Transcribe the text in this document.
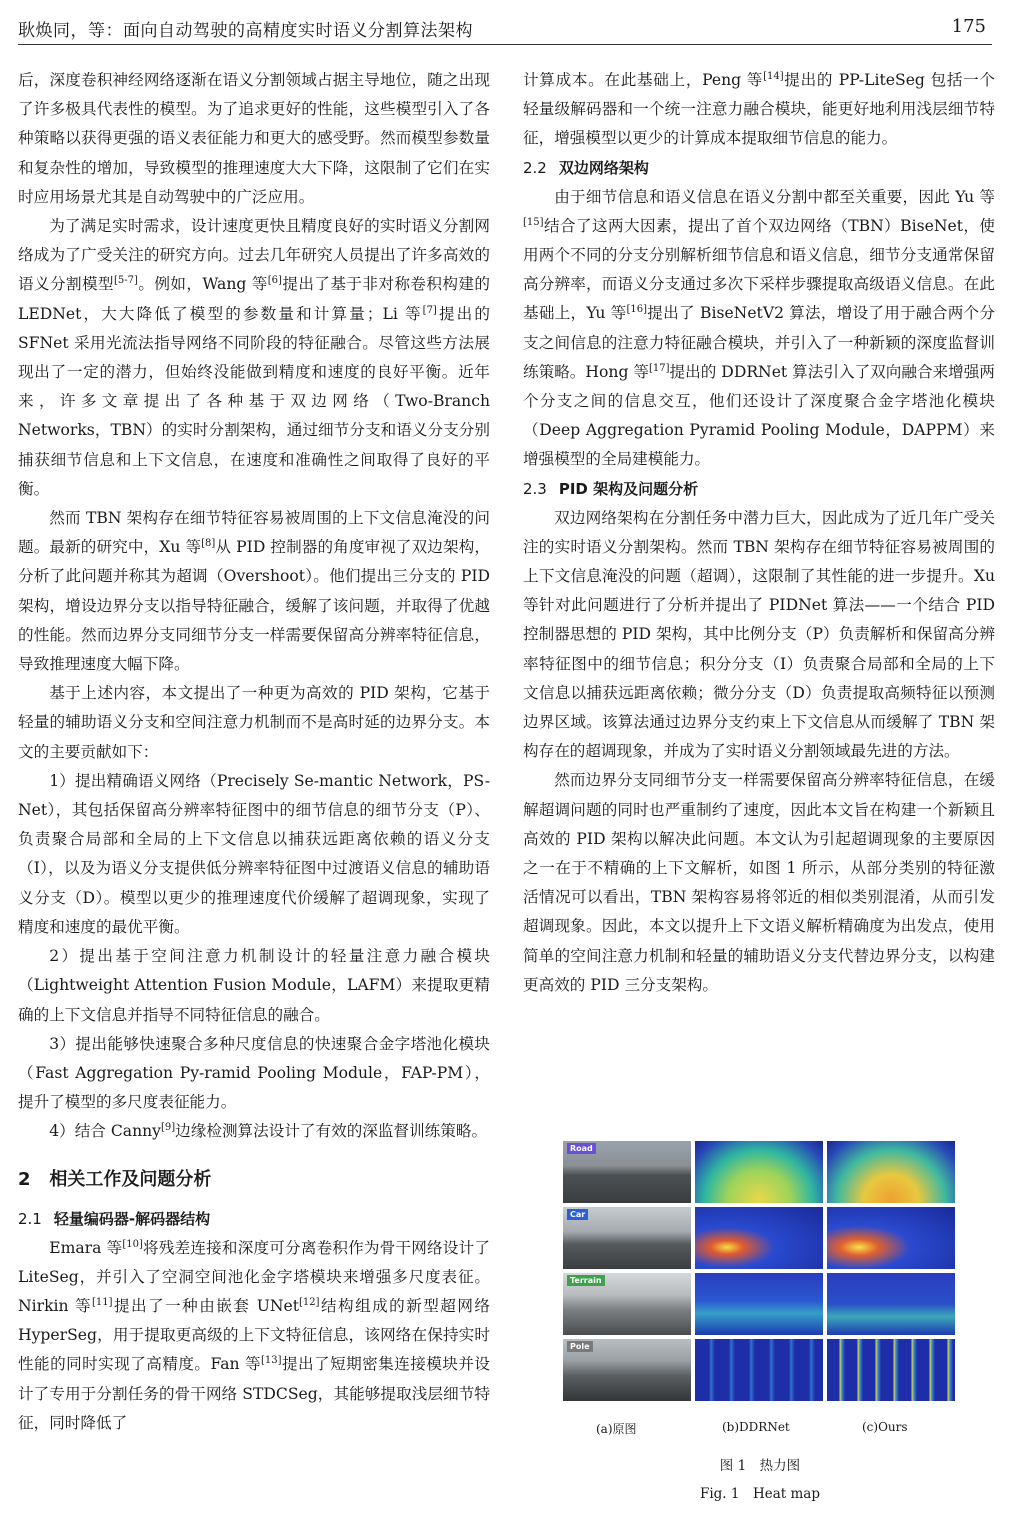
耿焕同，等：面向自动驾驶的高精度实时语义分割算法架构	175

后，深度卷积神经网络逐渐在语义分割领域占据主导地位，随之出现了许多极具代表性的模型。为了追求更好的性能，这些模型引入了各种策略以获得更强的语义表征能力和更大的感受野。然而模型参数量和复杂性的增加，导致模型的推理速度大大下降，这限制了它们在实时应用场景尤其是自动驾驶中的广泛应用。

为了满足实时需求，设计速度更快且精度良好的实时语义分割网络成为了广受关注的研究方向。过去几年研究人员提出了许多高效的语义分割模型[5-7]。例如，Wang 等[6]提出了基于非对称卷积构建的 LEDNet，大大降低了模型的参数量和计算量；Li 等[7]提出的 SFNet 采用光流法指导网络不同阶段的特征融合。尽管这些方法展现出了一定的潜力，但始终没能做到精度和速度的良好平衡。近年来，许多文章提出了各种基于双边网络（Two-Branch Networks，TBN）的实时分割架构，通过细节分支和语义分支分别捕获细节信息和上下文信息，在速度和准确性之间取得了良好的平衡。

然而 TBN 架构存在细节特征容易被周围的上下文信息淹没的问题。最新的研究中，Xu 等[8]从 PID 控制器的角度审视了双边架构，分析了此问题并称其为超调（Overshoot）。他们提出三分支的 PID 架构，增设边界分支以指导特征融合，缓解了该问题，并取得了优越的性能。然而边界分支同细节分支一样需要保留高分辨率特征信息，导致推理速度大幅下降。

基于上述内容，本文提出了一种更为高效的 PID 架构，它基于轻量的辅助语义分支和空间注意力机制而不是高时延的边界分支。本文的主要贡献如下：

1）提出精确语义网络（Precisely Se-mantic Network，PS-Net），其包括保留高分辨率特征图中的细节信息的细节分支（P）、负责聚合局部和全局的上下文信息以捕获远距离依赖的语义分支（I），以及为语义分支提供低分辨率特征图中过渡语义信息的辅助语义分支（D）。模型以更少的推理速度代价缓解了超调现象，实现了精度和速度的最优平衡。

2）提出基于空间注意力机制设计的轻量注意力融合模块（Lightweight Attention Fusion Module，LAFM）来提取更精确的上下文信息并指导不同特征信息的融合。

3）提出能够快速聚合多种尺度信息的快速聚合金字塔池化模块（Fast Aggregation Py-ramid Pooling Module，FAP-PM），提升了模型的多尺度表征能力。

4）结合 Canny[9]边缘检测算法设计了有效的深监督训练策略。

2 相关工作及问题分析
2.1 轻量编码器-解码器结构

Emara 等[10]将残差连接和深度可分离卷积作为骨干网络设计了 LiteSeg，并引入了空洞空间池化金字塔模块来增强多尺度表征。Nirkin 等[11]提出了一种由嵌套 UNet[12]结构组成的新型超网络 HyperSeg，用于提取更高级的上下文特征信息，该网络在保持实时性能的同时实现了高精度。Fan 等[13]提出了短期密集连接模块并设计了专用于分割任务的骨干网络 STDCSeg，其能够提取浅层细节特征，同时降低了

计算成本。在此基础上，Peng 等[14]提出的 PP-LiteSeg 包括一个轻量级解码器和一个统一注意力融合模块，能更好地利用浅层细节特征，增强模型以更少的计算成本提取细节信息的能力。

2.2 双边网络架构

由于细节信息和语义信息在语义分割中都至关重要，因此 Yu 等[15]结合了这两大因素，提出了首个双边网络（TBN）BiseNet，使用两个不同的分支分别解析细节信息和语义信息，细节分支通常保留高分辨率，而语义分支通过多次下采样步骤提取高级语义信息。在此基础上，Yu 等[16]提出了 BiseNetV2 算法，增设了用于融合两个分支之间信息的注意力特征融合模块，并引入了一种新颖的深度监督训练策略。Hong 等[17]提出的 DDRNet 算法引入了双向融合来增强两个分支之间的信息交互，他们还设计了深度聚合金字塔池化模块（Deep Aggregation Pyramid Pooling Module，DAPPM）来增强模型的全局建模能力。

2.3 PID 架构及问题分析

双边网络架构在分割任务中潜力巨大，因此成为了近几年广受关注的实时语义分割架构。然而 TBN 架构存在细节特征容易被周围的上下文信息淹没的问题（超调），这限制了其性能的进一步提升。Xu 等针对此问题进行了分析并提出了 PIDNet 算法——一个结合 PID 控制器思想的 PID 架构，其中比例分支（P）负责解析和保留高分辨率特征图中的细节信息；积分分支（I）负责聚合局部和全局的上下文信息以捕获远距离依赖；微分分支（D）负责提取高频特征以预测边界区域。该算法通过边界分支约束上下文信息从而缓解了 TBN 架构存在的超调现象，并成为了实时语义分割领域最先进的方法。

然而边界分支同细节分支一样需要保留高分辨率特征信息，在缓解超调问题的同时也严重制约了速度，因此本文旨在构建一个新颖且高效的 PID 架构以解决此问题。本文认为引起超调现象的主要原因之一在于不精确的上下文解析，如图 1 所示，从部分类别的特征激活情况可以看出，TBN 架构容易将邻近的相似类别混淆，从而引发超调现象。因此，本文以提升上下文语义解析精确度为出发点，使用简单的空间注意力机制和轻量的辅助语义分支代替边界分支，以构建更高效的 PID 三分支架构。

Road
Car
Terrain
Pole
(a)原图	(b)DDRNet	(c)Ours
图 1　热力图
Fig. 1　Heat map
